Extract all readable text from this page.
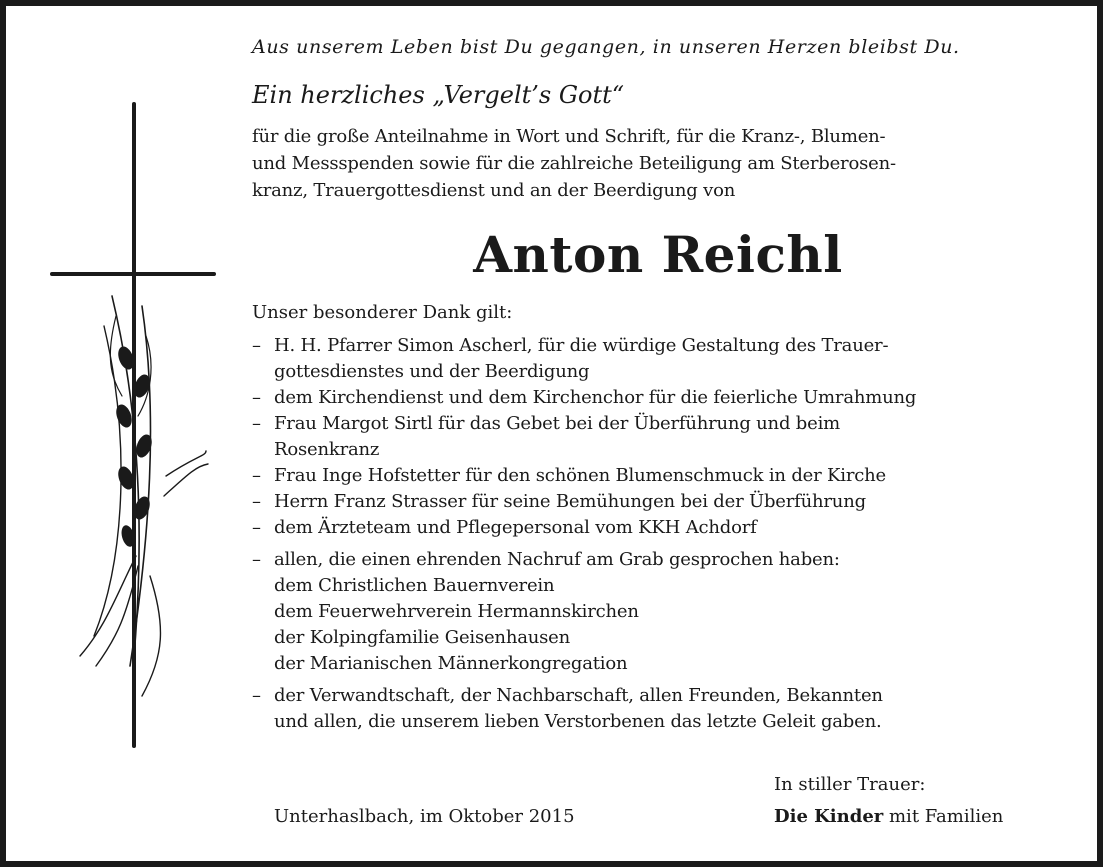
Aus unserem Leben bist Du gegangen, in unseren Herzen bleibst Du.
Ein herzliches „Vergelt’s Gott“
für die große Anteilnahme in Wort und Schrift, für die Kranz-, Blumen-
und Messspenden sowie für die zahlreiche Beteiligung am Sterberosen-
kranz, Trauergottesdienst und an der Beerdigung von
Anton Reichl
Unser besonderer Dank gilt:
– H. H. Pfarrer Simon Ascherl, für die würdige Gestaltung des Trauer-
gottesdienstes und der Beerdigung
– dem Kirchendienst und dem Kirchenchor für die feierliche Umrahmung
– Frau Margot Sirtl für das Gebet bei der Überführung und beim
Rosenkranz
– Frau Inge Hofstetter für den schönen Blumenschmuck in der Kirche
– Herrn Franz Strasser für seine Bemühungen bei der Überführung
– dem Ärzteteam und Pflegepersonal vom KKH Achdorf
– allen, die einen ehrenden Nachruf am Grab gesprochen haben:
dem Christlichen Bauernverein
dem Feuerwehrverein Hermannskirchen
der Kolpingfamilie Geisenhausen
der Marianischen Männerkongregation
– der Verwandtschaft, der Nachbarschaft, allen Freunden, Bekannten
und allen, die unserem lieben Verstorbenen das letzte Geleit gaben.
In stiller Trauer:
Unterhaslbach, im Oktober 2015	Die Kinder mit Familien
